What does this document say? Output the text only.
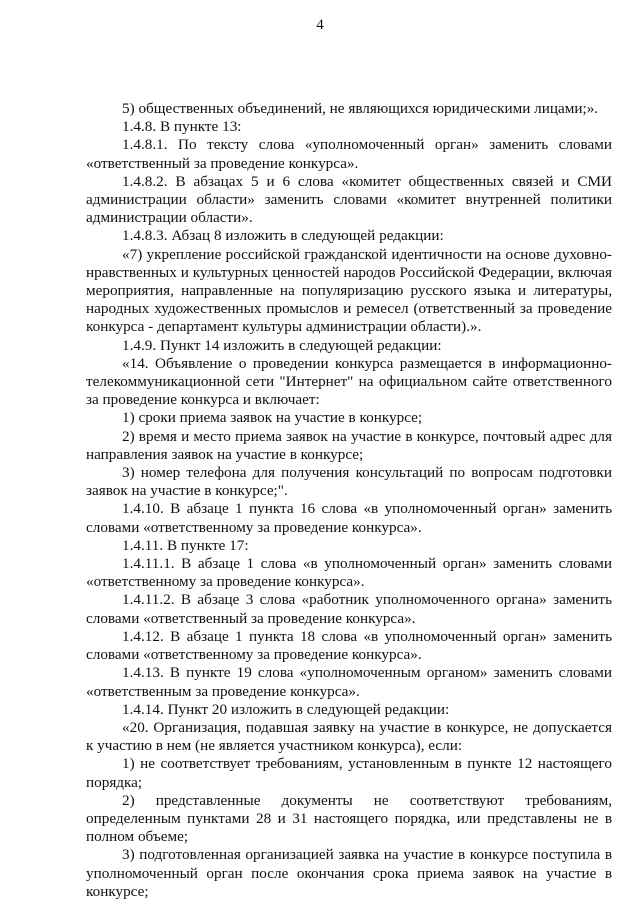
4

5) общественных объединений, не являющихся юридическими лицами;».

1.4.8. В пункте 13:

1.4.8.1. По тексту слова «уполномоченный орган» заменить словами «ответственный за проведение конкурса».

1.4.8.2. В абзацах 5 и 6 слова «комитет общественных связей и СМИ администрации области» заменить словами «комитет внутренней политики администрации области».

1.4.8.3. Абзац 8 изложить в следующей редакции:

«7) укрепление российской гражданской идентичности на основе духовно-нравственных и культурных ценностей народов Российской Федерации, включая мероприятия, направленные на популяризацию русского языка и литературы, народных художественных промыслов и ремесел (ответственный за проведение конкурса - департамент культуры администрации области).».

1.4.9. Пункт 14 изложить в следующей редакции:

«14. Объявление о проведении конкурса размещается в информационно-телекоммуникационной сети "Интернет" на официальном сайте ответственного за проведение конкурса и включает:

1) сроки приема заявок на участие в конкурсе;

2) время и место приема заявок на участие в конкурсе, почтовый адрес для направления заявок на участие в конкурсе;

3) номер телефона для получения консультаций по вопросам подготовки заявок на участие в конкурсе;".

1.4.10. В абзаце 1 пункта 16 слова «в уполномоченный орган» заменить словами «ответственному за проведение конкурса».

1.4.11. В пункте 17:

1.4.11.1. В абзаце 1 слова «в уполномоченный орган» заменить словами «ответственному за проведение конкурса».

1.4.11.2. В абзаце 3 слова «работник уполномоченного органа» заменить словами «ответственный за проведение конкурса».

1.4.12. В абзаце 1 пункта 18 слова «в уполномоченный орган» заменить словами «ответственному за проведение конкурса».

1.4.13. В пункте 19 слова «уполномоченным органом» заменить словами «ответственным за проведение конкурса».

1.4.14. Пункт 20 изложить в следующей редакции:

«20. Организация, подавшая заявку на участие в конкурсе, не допускается к участию в нем (не является участником конкурса), если:

1) не соответствует требованиям, установленным в пункте 12 настоящего порядка;

2) представленные документы не соответствуют требованиям, определенным пунктами 28 и 31 настоящего порядка, или представлены не в полном объеме;

3) подготовленная организацией заявка на участие в конкурсе поступила в уполномоченный орган после окончания срока приема заявок на участие в конкурсе;
